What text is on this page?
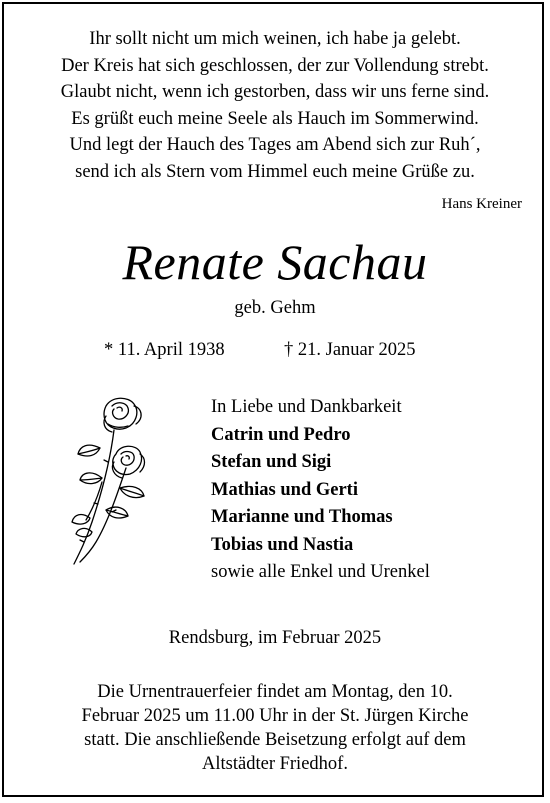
Ihr sollt nicht um mich weinen, ich habe ja gelebt.
Der Kreis hat sich geschlossen, der zur Vollendung strebt.
Glaubt nicht, wenn ich gestorben, dass wir uns ferne sind.
Es grüßt euch meine Seele als Hauch im Sommerwind.
Und legt der Hauch des Tages am Abend sich zur Ruh´,
send ich als Stern vom Himmel euch meine Grüße zu.
Hans Kreiner
Renate Sachau
geb. Gehm
* 11. April 1938	† 21. Januar 2025
In Liebe und Dankbarkeit
Catrin und Pedro
Stefan und Sigi
Mathias und Gerti
Marianne und Thomas
Tobias und Nastia
sowie alle Enkel und Urenkel
Rendsburg, im Februar 2025
Die Urnentrauerfeier findet am Montag, den 10.
Februar 2025 um 11.00 Uhr in der St. Jürgen Kirche
statt. Die anschließende Beisetzung erfolgt auf dem
Altstädter Friedhof.
